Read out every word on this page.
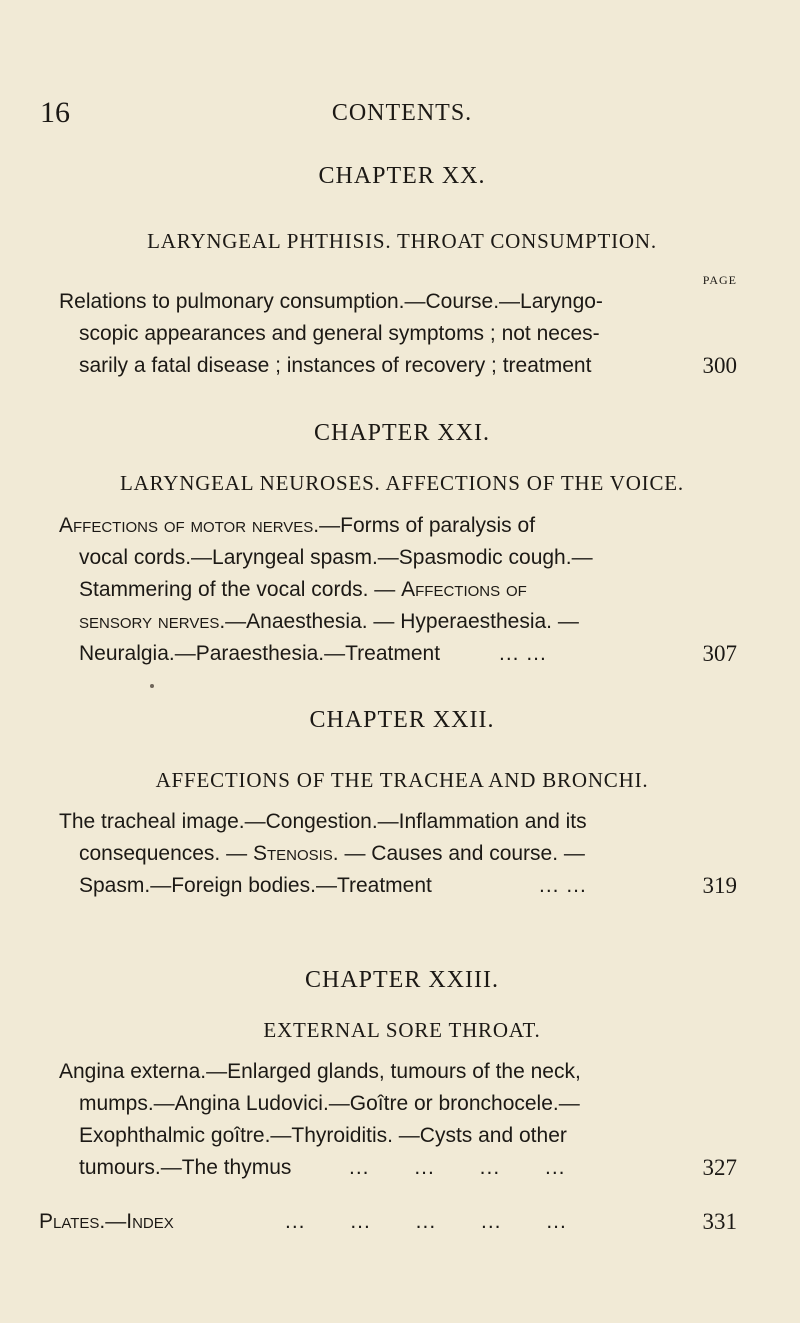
16	CONTENTS.
CHAPTER XX.
LARYNGEAL PHTHISIS. THROAT CONSUMPTION.
PAGE
Relations to pulmonary consumption.—Course.—Laryngo-
scopic appearances and general symptoms ; not neces-
sarily a fatal disease ; instances of recovery ; treatment	300
CHAPTER XXI.
LARYNGEAL NEUROSES. AFFECTIONS OF THE VOICE.
Affections of motor nerves.—Forms of paralysis of
vocal cords.—Laryngeal spasm.—Spasmodic cough.—
Stammering of the vocal cords. — Affections of
sensory nerves.—Anaesthesia. — Hyperaesthesia. —
Neuralgia.—Paraesthesia.—Treatment	... ...	307
CHAPTER XXII.
AFFECTIONS OF THE TRACHEA AND BRONCHI.
The tracheal image.—Congestion.—Inflammation and its
consequences. — Stenosis. — Causes and course. —
Spasm.—Foreign bodies.—Treatment	... ...	319
CHAPTER XXIII.
EXTERNAL SORE THROAT.
Angina externa.—Enlarged glands, tumours of the neck,
mumps.—Angina Ludovici.—Goître or bronchocele.—
Exophthalmic goître.—Thyroiditis. —Cysts and other
tumours.—The thymus	... ... ... ...	327
Plates.—Index	... ... ... ... ...	331
